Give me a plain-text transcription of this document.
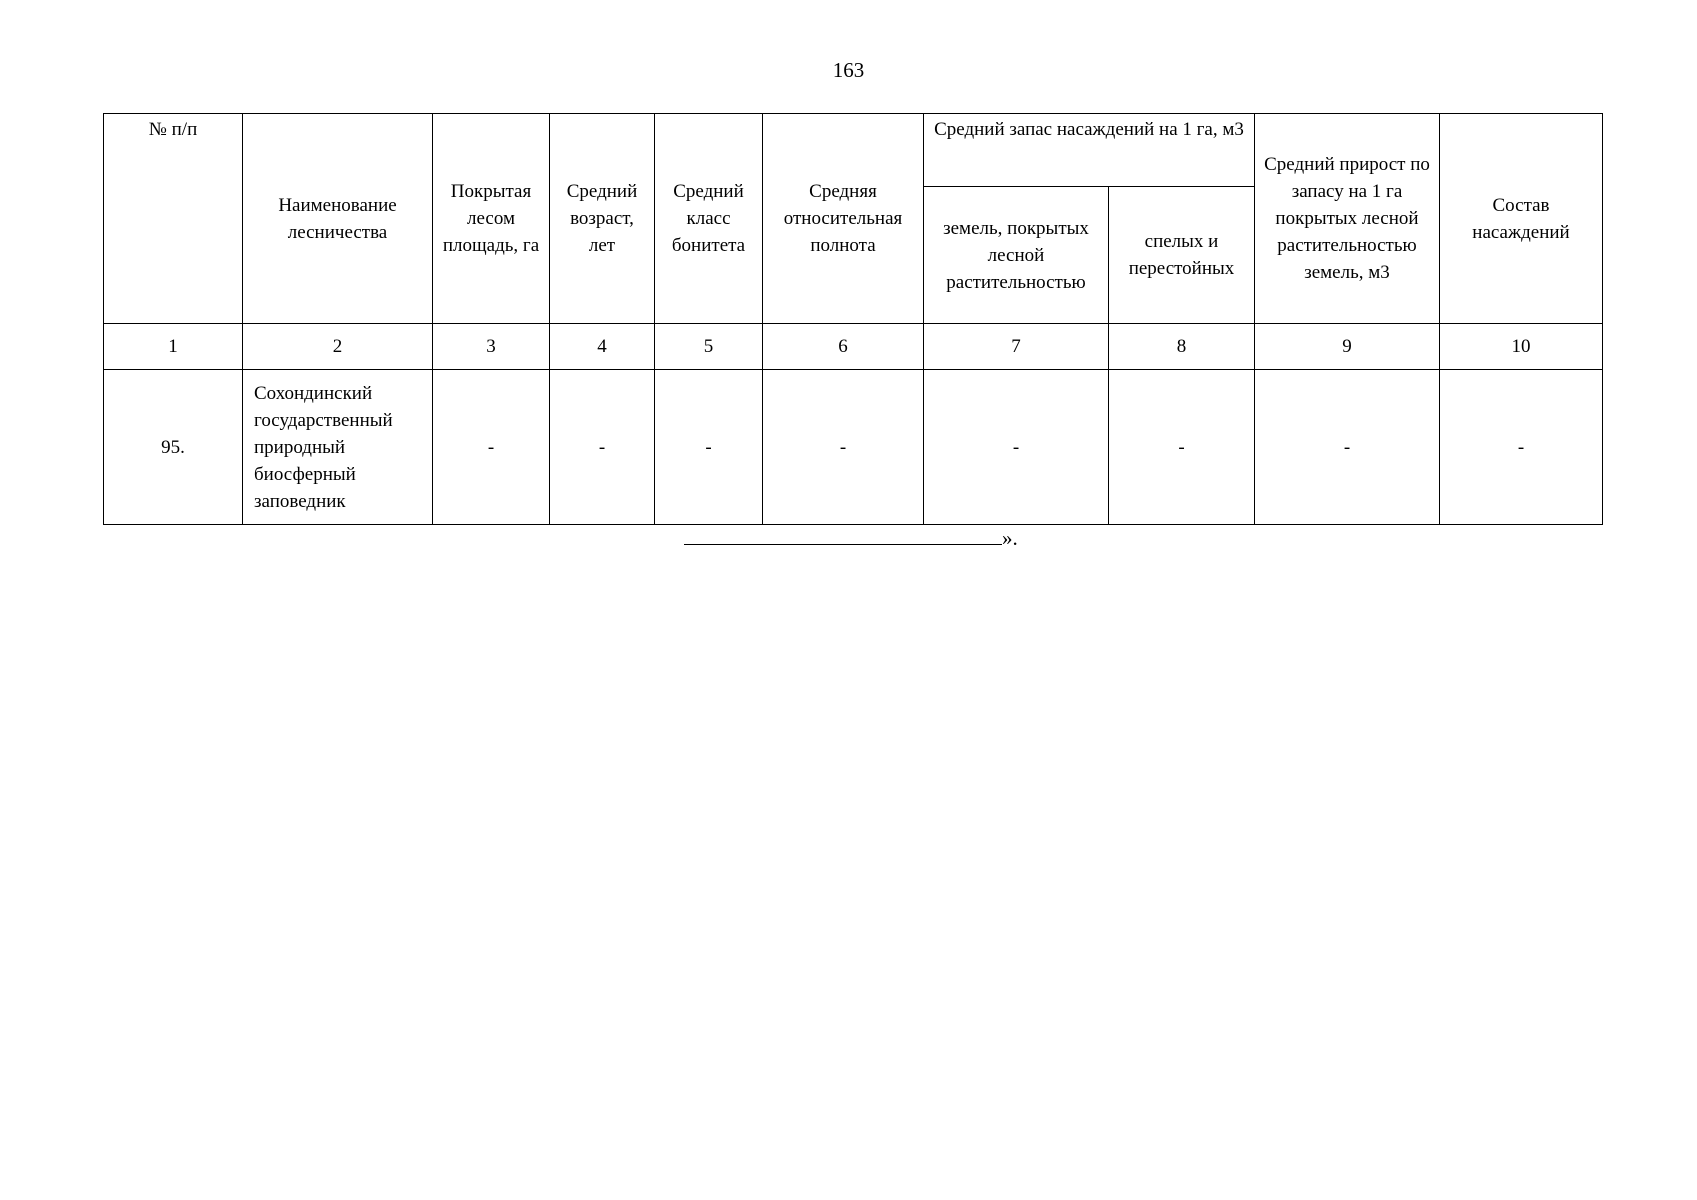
163
№ п/п	Наименование лесничества	Покрытая лесом площадь, га	Средний возраст, лет	Средний класс бонитета	Средняя относительная полнота	Средний запас насаждений на 1 га, м3		Средний прирост по запасу на 1 га покрытых лесной растительностью земель, м3	Состав насаждений
						земель, покрытых лесной растительностью	спелых и перестойных		
1	2	3	4	5	6	7	8	9	10
95.	Сохондинский государственный природный биосферный заповедник	-	-	-	-	-	-	-	-
».
